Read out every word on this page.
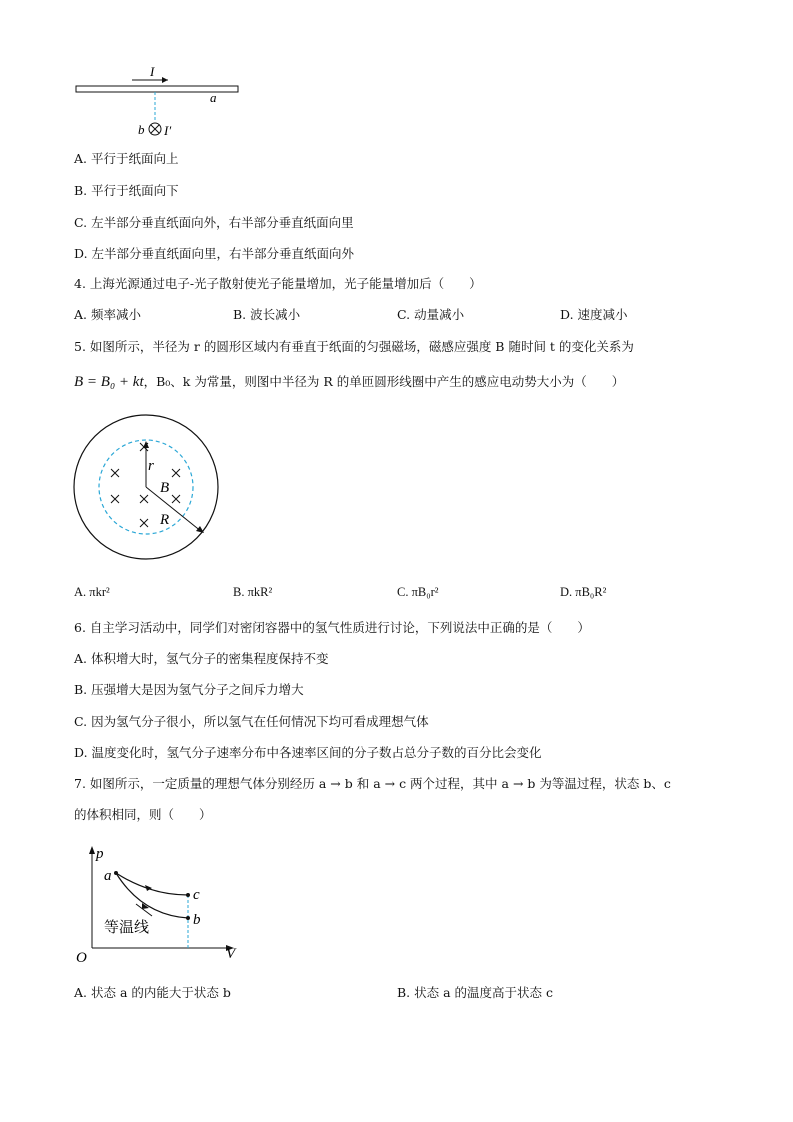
I
a
b I′
A. 平行于纸面向上
B. 平行于纸面向下
C. 左半部分垂直纸面向外，右半部分垂直纸面向里
D. 左半部分垂直纸面向里，右半部分垂直纸面向外
4. 上海光源通过电子-光子散射使光子能量增加，光子能量增加后（　　）
A. 频率减小	B. 波长减小	C. 动量减小	D. 速度减小
5. 如图所示，半径为 r 的圆形区域内有垂直于纸面的匀强磁场，磁感应强度 B 随时间 t 的变化关系为
B = B₀ + kt，B₀、k 为常量，则图中半径为 R 的单匝圆形线圈中产生的感应电动势大小为（　　）
r
B
R
A. πkr²	B. πkR²	C. πB₀r²	D. πB₀R²
6. 自主学习活动中，同学们对密闭容器中的氢气性质进行讨论，下列说法中正确的是（　　）
A. 体积增大时，氢气分子的密集程度保持不变
B. 压强增大是因为氢气分子之间斥力增大
C. 因为氢气分子很小，所以氢气在任何情况下均可看成理想气体
D. 温度变化时，氢气分子速率分布中各速率区间的分子数占总分子数的百分比会变化
7. 如图所示，一定质量的理想气体分别经历 a → b 和 a → c 两个过程，其中 a → b 为等温过程，状态 b、c
的体积相同，则（　　）
p
V
O
a
c
b
等温线
A. 状态 a 的内能大于状态 b	B. 状态 a 的温度高于状态 c
